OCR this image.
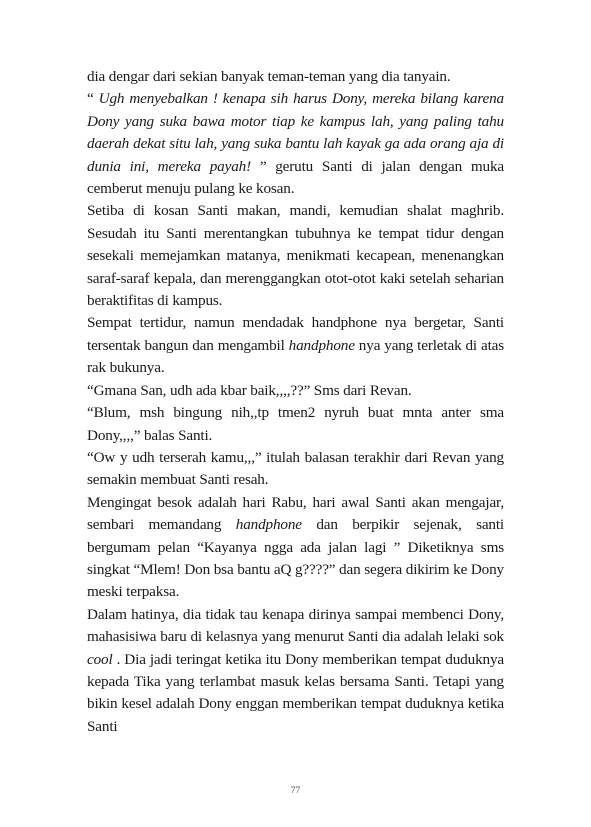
dia dengar dari sekian banyak teman-teman yang dia tanyain.

“ Ugh menyebalkan ! kenapa sih harus Dony, mereka bilang karena Dony yang suka bawa motor tiap ke kampus lah, yang paling tahu daerah dekat situ lah, yang suka bantu lah kayak ga ada orang aja di dunia ini, mereka payah! ” gerutu Santi di jalan dengan muka cemberut menuju pulang ke kosan.

Setiba di kosan Santi makan, mandi, kemudian shalat maghrib. Sesudah itu Santi merentangkan tubuhnya ke tempat tidur dengan sesekali memejamkan matanya, menikmati kecapean, menenangkan saraf-saraf kepala, dan merenggangkan otot-otot kaki setelah seharian beraktifitas di kampus.

Sempat tertidur, namun mendadak handphone nya bergetar, Santi tersentak bangun dan mengambil handphone nya yang terletak di atas rak bukunya.

“Gmana San, udh ada kbar baik,,,,??” Sms dari Revan.

“Blum, msh bingung nih,,tp tmen2 nyruh buat mnta anter sma Dony,,,,” balas Santi.

“Ow y udh terserah kamu,,,” itulah balasan terakhir dari Revan yang semakin membuat Santi resah.

Mengingat besok adalah hari Rabu, hari awal Santi akan mengajar, sembari memandang handphone dan berpikir sejenak, santi bergumam pelan “Kayanya ngga ada jalan lagi ” Diketiknya sms singkat “Mlem! Don bsa bantu aQ g????” dan segera dikirim ke Dony meski terpaksa.

Dalam hatinya, dia tidak tau kenapa dirinya sampai membenci Dony, mahasisiwa baru di kelasnya yang menurut Santi dia adalah lelaki sok cool . Dia jadi teringat ketika itu Dony memberikan tempat duduknya kepada Tika yang terlambat masuk kelas bersama Santi. Tetapi yang bikin kesel adalah Dony enggan memberikan tempat duduknya ketika Santi

77
